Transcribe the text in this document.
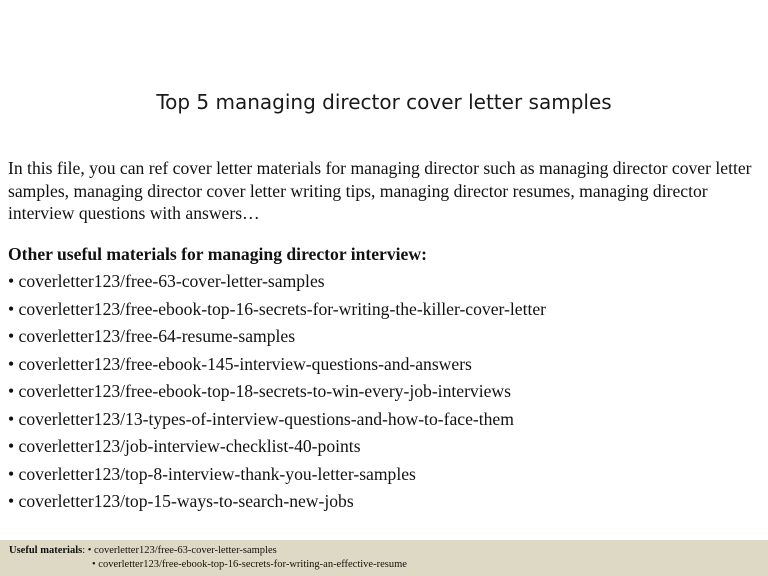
Top 5 managing director cover letter samples
In this file, you can ref cover letter materials for managing director such as managing director cover letter samples, managing director cover letter writing tips, managing director resumes, managing director interview questions with answers…
Other useful materials for managing director interview:
• coverletter123/free-63-cover-letter-samples
• coverletter123/free-ebook-top-16-secrets-for-writing-the-killer-cover-letter
• coverletter123/free-64-resume-samples
• coverletter123/free-ebook-145-interview-questions-and-answers
• coverletter123/free-ebook-top-18-secrets-to-win-every-job-interviews
• coverletter123/13-types-of-interview-questions-and-how-to-face-them
• coverletter123/job-interview-checklist-40-points
• coverletter123/top-8-interview-thank-you-letter-samples
• coverletter123/top-15-ways-to-search-new-jobs
Useful materials: • coverletter123/free-63-cover-letter-samples
• coverletter123/free-ebook-top-16-secrets-for-writing-an-effective-resume
